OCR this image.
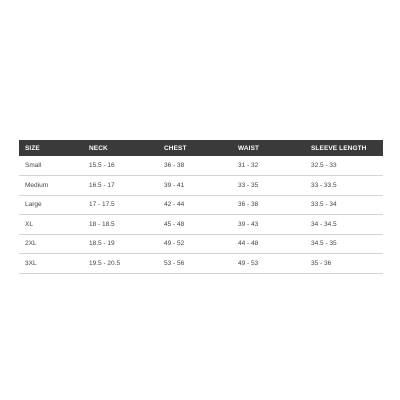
SIZE	NECK	CHEST	WAIST	SLEEVE LENGTH
Small	15.5 - 16	36 - 38	31 - 32	32.5 - 33
Medium	16.5 - 17	39 - 41	33 - 35	33 - 33.5
Large	17 - 17.5	42 - 44	36 - 38	33.5 - 34
XL	18 - 18.5	45 - 48	39 - 43	34 - 34.5
2XL	18.5 - 19	49 - 52	44 - 48	34.5 - 35
3XL	19.5 - 20.5	53 - 56	49 - 53	35 - 36
